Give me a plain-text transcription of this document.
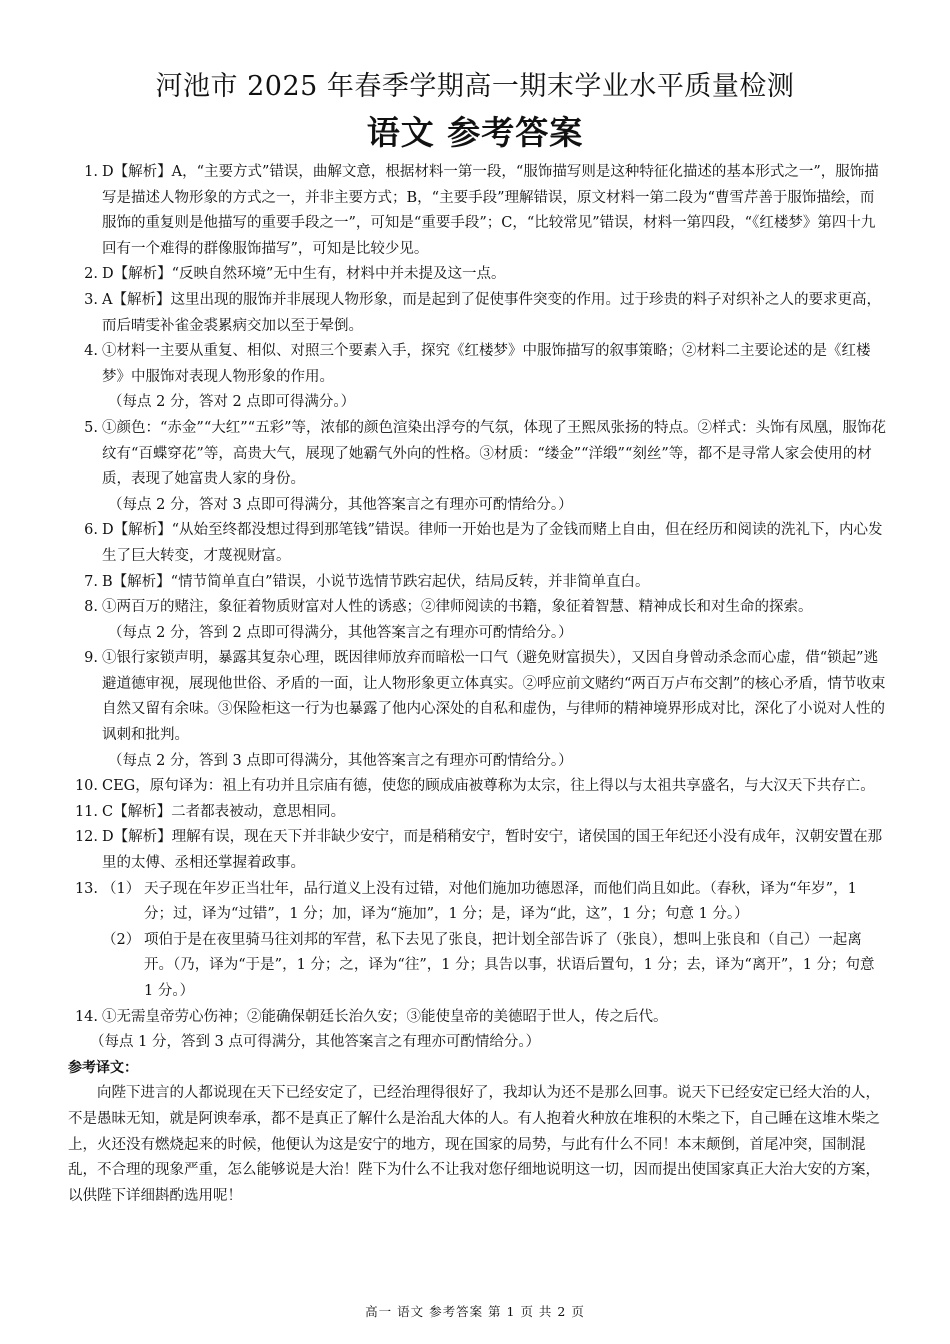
河池市 2025 年春季学期高一期末学业水平质量检测
语文 参考答案
1. D【解析】A，“主要方式”错误，曲解文意，根据材料一第一段，“服饰描写则是这种特征化描述的基本形式之一”，服饰描写是描述人物形象的方式之一，并非主要方式；B，“主要手段”理解错误，原文材料一第二段为“曹雪芹善于服饰描绘，而服饰的重复则是他描写的重要手段之一”，可知是“重要手段”；C，“比较常见”错误，材料一第四段，“《红楼梦》第四十九回有一个难得的群像服饰描写”，可知是比较少见。
2. D【解析】“反映自然环境”无中生有，材料中并未提及这一点。
3. A【解析】这里出现的服饰并非展现人物形象，而是起到了促使事件突变的作用。过于珍贵的料子对织补之人的要求更高，而后晴雯补雀金裘累病交加以至于晕倒。
4. ①材料一主要从重复、相似、对照三个要素入手，探究《红楼梦》中服饰描写的叙事策略；②材料二主要论述的是《红楼梦》中服饰对表现人物形象的作用。
（每点 2 分，答对 2 点即可得满分。）
5. ①颜色：“赤金”“大红”“五彩”等，浓郁的颜色渲染出浮夸的气氛，体现了王熙凤张扬的特点。②样式：头饰有凤凰，服饰花纹有“百蝶穿花”等，高贵大气，展现了她霸气外向的性格。③材质：“缕金”“洋缎”“刻丝”等，都不是寻常人家会使用的材质，表现了她富贵人家的身份。
（每点 2 分，答对 3 点即可得满分，其他答案言之有理亦可酌情给分。）
6. D【解析】“从始至终都没想过得到那笔钱”错误。律师一开始也是为了金钱而赌上自由，但在经历和阅读的洗礼下，内心发生了巨大转变，才蔑视财富。
7. B【解析】“情节简单直白”错误，小说节选情节跌宕起伏，结局反转，并非简单直白。
8. ①两百万的赌注，象征着物质财富对人性的诱惑；②律师阅读的书籍，象征着智慧、精神成长和对生命的探索。
（每点 2 分，答到 2 点即可得满分，其他答案言之有理亦可酌情给分。）
9. ①银行家锁声明，暴露其复杂心理，既因律师放弃而暗松一口气（避免财富损失），又因自身曾动杀念而心虚，借“锁起”逃避道德审视，展现他世俗、矛盾的一面，让人物形象更立体真实。②呼应前文赌约“两百万卢布交割”的核心矛盾，情节收束自然又留有余味。③保险柜这一行为也暴露了他内心深处的自私和虚伪，与律师的精神境界形成对比，深化了小说对人性的讽刺和批判。
（每点 2 分，答到 3 点即可得满分，其他答案言之有理亦可酌情给分。）
10. CEG，原句译为：祖上有功并且宗庙有德，使您的顾成庙被尊称为太宗，往上得以与太祖共享盛名，与大汉天下共存亡。
11. C【解析】二者都表被动，意思相同。
12. D【解析】理解有误，现在天下并非缺少安宁，而是稍稍安宁，暂时安宁，诸侯国的国王年纪还小没有成年，汉朝安置在那里的太傅、丞相还掌握着政事。
13. （1） 天子现在年岁正当壮年，品行道义上没有过错，对他们施加功德恩泽，而他们尚且如此。（春秋，译为“年岁”，1 分；过，译为“过错”，1 分；加，译为“施加”，1 分；是，译为“此，这”，1 分；句意 1 分。）
（2） 项伯于是在夜里骑马往刘邦的军营，私下去见了张良，把计划全部告诉了（张良），想叫上张良和（自己）一起离开。（乃，译为“于是”，1 分；之，译为“往”，1 分；具告以事，状语后置句，1 分；去，译为“离开”，1 分；句意 1 分。）
14. ①无需皇帝劳心伤神；②能确保朝廷长治久安；③能使皇帝的美德昭于世人，传之后代。
（每点 1 分，答到 3 点可得满分，其他答案言之有理亦可酌情给分。）
参考译文：
向陛下进言的人都说现在天下已经安定了，已经治理得很好了，我却认为还不是那么回事。说天下已经安定已经大治的人，不是愚昧无知，就是阿谀奉承，都不是真正了解什么是治乱大体的人。有人抱着火种放在堆积的木柴之下，自己睡在这堆木柴之上，火还没有燃烧起来的时候，他便认为这是安宁的地方，现在国家的局势，与此有什么不同！本末颠倒，首尾冲突，国制混乱，不合理的现象严重，怎么能够说是大治！陛下为什么不让我对您仔细地说明这一切，因而提出使国家真正大治大安的方案，以供陛下详细斟酌选用呢！
高一 语文 参考答案 第 1 页 共 2 页
